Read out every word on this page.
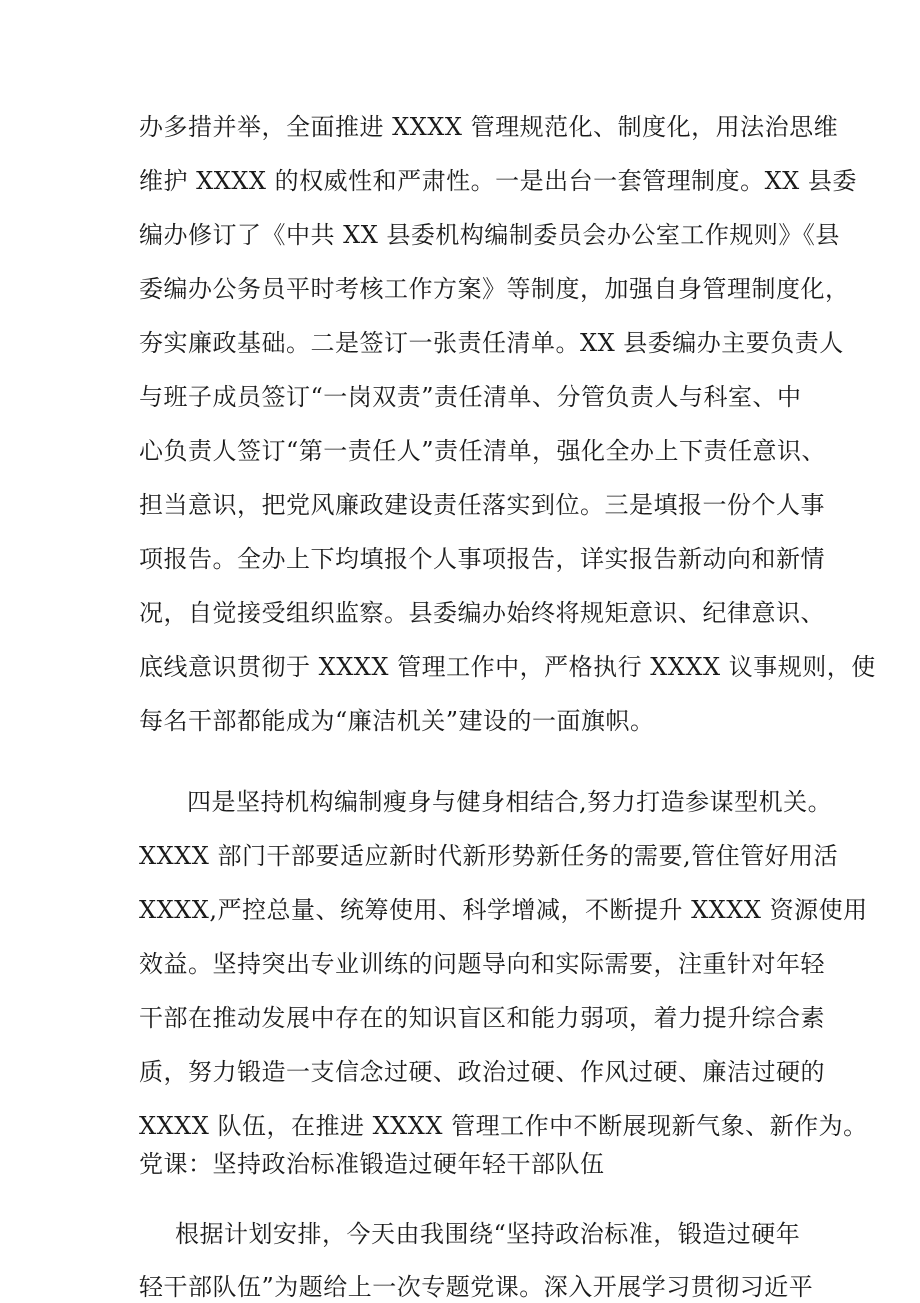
办多措并举，全面推进 XXXX 管理规范化、制度化，用法治思维
维护 XXXX 的权威性和严肃性。一是出台一套管理制度。XX 县委
编办修订了《中共 XX 县委机构编制委员会办公室工作规则》《县
委编办公务员平时考核工作方案》等制度，加强自身管理制度化，
夯实廉政基础。二是签订一张责任清单。XX 县委编办主要负责人
与班子成员签订“一岗双责”责任清单、分管负责人与科室、中
心负责人签订“第一责任人”责任清单，强化全办上下责任意识、
担当意识，把党风廉政建设责任落实到位。三是填报一份个人事
项报告。全办上下均填报个人事项报告，详实报告新动向和新情
况，自觉接受组织监察。县委编办始终将规矩意识、纪律意识、
底线意识贯彻于 XXXX 管理工作中，严格执行 XXXX 议事规则，使
每名干部都能成为“廉洁机关”建设的一面旗帜。
四是坚持机构编制瘦身与健身相结合,努力打造参谋型机关。
XXXX 部门干部要适应新时代新形势新任务的需要,管住管好用活
XXXX,严控总量、统筹使用、科学增减，不断提升 XXXX 资源使用
效益。坚持突出专业训练的问题导向和实际需要，注重针对年轻
干部在推动发展中存在的知识盲区和能力弱项，着力提升综合素
质，努力锻造一支信念过硬、政治过硬、作风过硬、廉洁过硬的
XXXX 队伍，在推进 XXXX 管理工作中不断展现新气象、新作为。
党课：坚持政治标准锻造过硬年轻干部队伍
根据计划安排，今天由我围绕“坚持政治标准，锻造过硬年
轻干部队伍”为题给上一次专题党课。深入开展学习贯彻习近平
